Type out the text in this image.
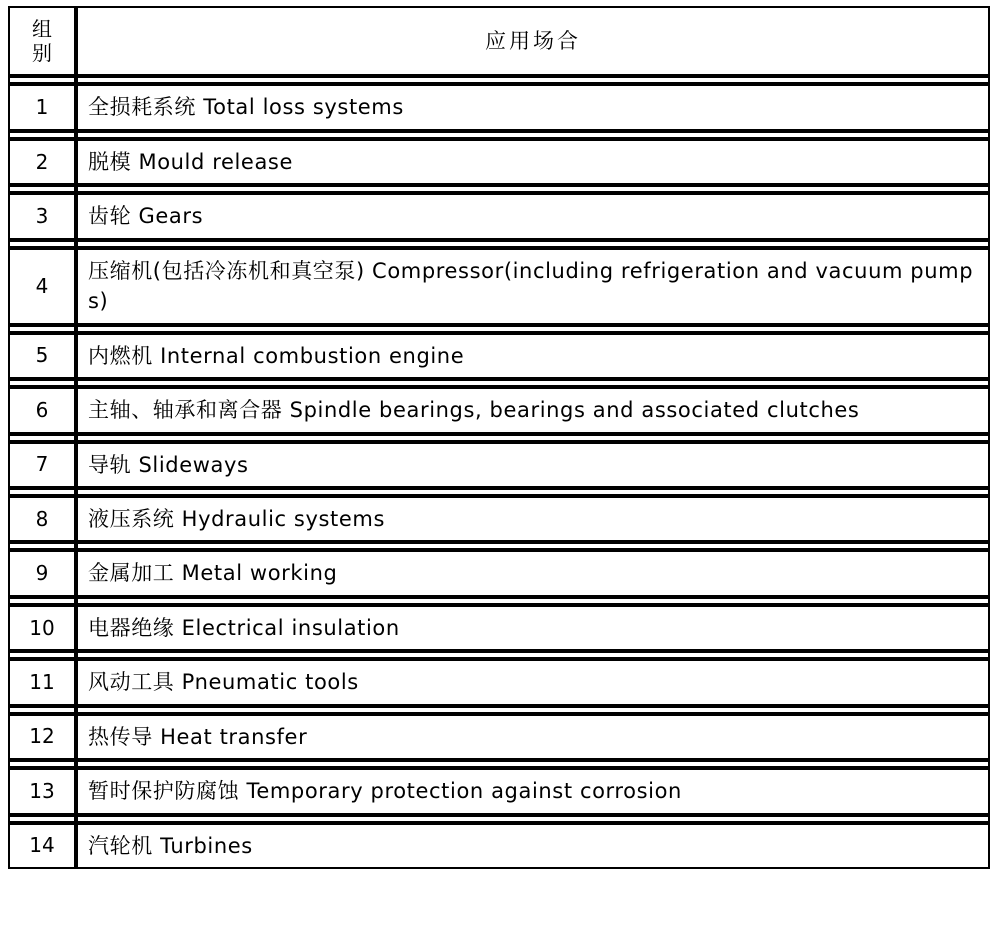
组
别	应用场合

1	全损耗系统 Total loss systems

2	脱模 Mould release

3	齿轮 Gears

4	压缩机(包括冷冻机和真空泵) Compressor(including refrigeration and vacuum pumps)

5	内燃机 Internal combustion engine

6	主轴、轴承和离合器 Spindle bearings, bearings and associated clutches

7	导轨 Slideways

8	液压系统 Hydraulic systems

9	金属加工 Metal working

10	电器绝缘 Electrical insulation

11	风动工具 Pneumatic tools

12	热传导 Heat transfer

13	暂时保护防腐蚀 Temporary protection against corrosion

14	汽轮机 Turbines
